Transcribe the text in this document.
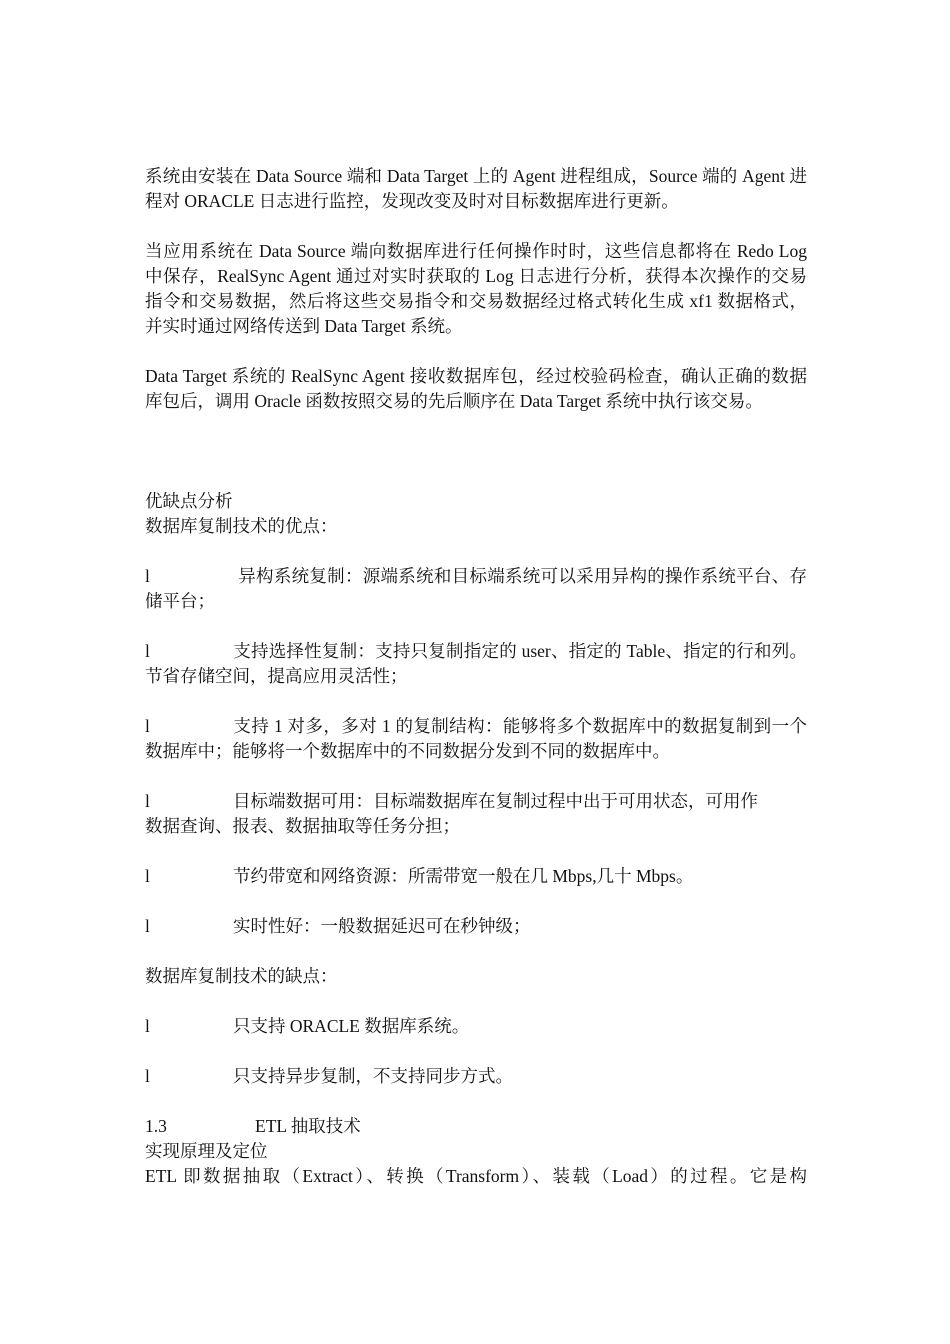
系统由安装在 Data Source 端和 Data Target 上的 Agent 进程组成，Source 端的 Agent 进程对 ORACLE 日志进行监控，发现改变及时对目标数据库进行更新。

当应用系统在 Data Source 端向数据库进行任何操作时时，这些信息都将在 Redo Log 中保存，RealSync Agent 通过对实时获取的 Log 日志进行分析，获得本次操作的交易指令和交易数据，然后将这些交易指令和交易数据经过格式转化生成 xf1 数据格式，并实时通过网络传送到 Data Target 系统。

Data Target 系统的 RealSync Agent 接收数据库包，经过校验码检查，确认正确的数据库包后，调用 Oracle 函数按照交易的先后顺序在 Data Target 系统中执行该交易。

优缺点分析

数据库复制技术的优点：

l	异构系统复制：源端系统和目标端系统可以采用异构的操作系统平台、存储平台；

l	支持选择性复制：支持只复制指定的 user、指定的 Table、指定的行和列。节省存储空间，提高应用灵活性；

l	支持 1 对多，多对 1 的复制结构：能够将多个数据库中的数据复制到一个数据库中；能够将一个数据库中的不同数据分发到不同的数据库中。

l	目标端数据可用：目标端数据库在复制过程中出于可用状态，可用作
数据查询、报表、数据抽取等任务分担；

l	节约带宽和网络资源：所需带宽一般在几 Mbps,几十 Mbps。

l	实时性好：一般数据延迟可在秒钟级；

数据库复制技术的缺点：

l	只支持 ORACLE 数据库系统。

l	只支持异步复制，不支持同步方式。

1.3	ETL 抽取技术

实现原理及定位

ETL 即数据抽取（Extract）、转换（Transform）、装载（Load）的过程。它是构
